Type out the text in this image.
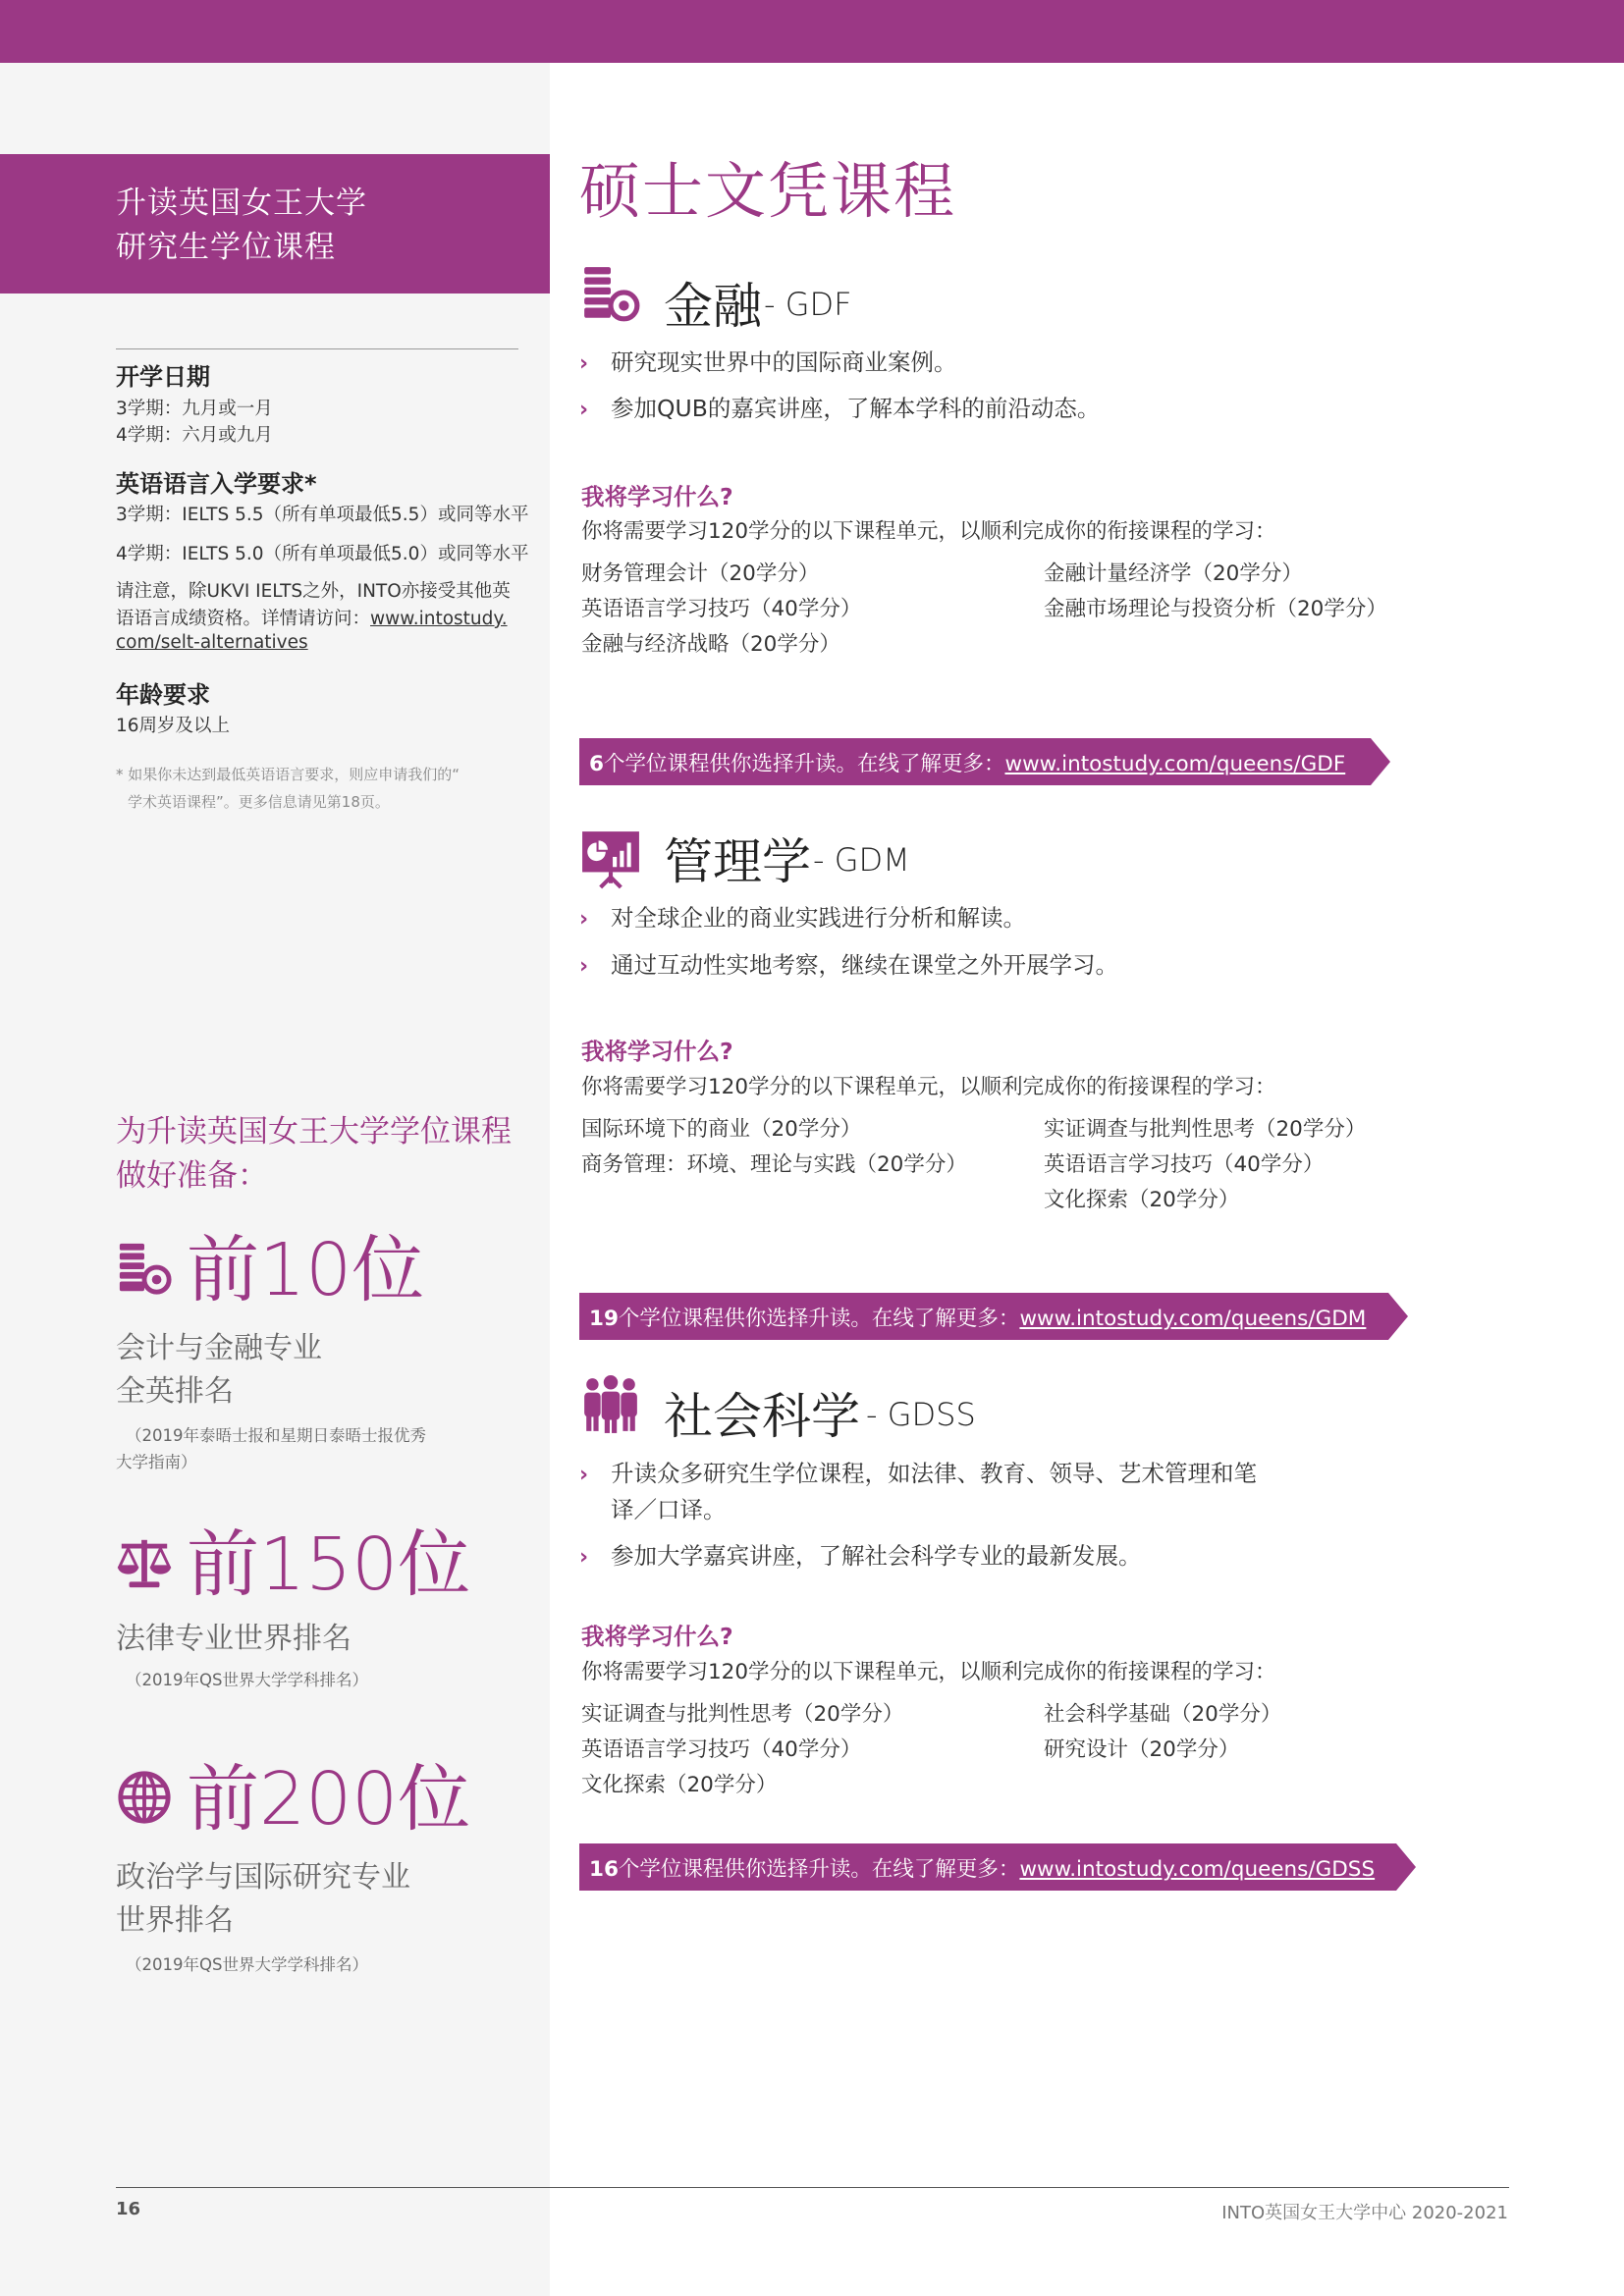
升读英国女王大学
研究生学位课程
开学日期
3学期：九月或一月
4学期：六月或九月
英语语言入学要求*
3学期：IELTS 5.5（所有单项最低5.5）或同等水平
4学期：IELTS 5.0（所有单项最低5.0）或同等水平
请注意，除UKVI IELTS之外，INTO亦接受其他英
语语言成绩资格。详情请访问：www.intostudy.
com/selt-alternatives
年龄要求
16周岁及以上
* 如果你未达到最低英语语言要求，则应申请我们的“
学术英语课程”。更多信息请见第18页。
为升读英国女王大学学位课程
做好准备：
前10位
会计与金融专业
全英排名
（2019年泰晤士报和星期日泰晤士报优秀
大学指南）
前150位
法律专业世界排名
（2019年QS世界大学学科排名）
前200位
政治学与国际研究专业
世界排名
（2019年QS世界大学学科排名）
硕士文凭课程
金融 - GDF
› 研究现实世界中的国际商业案例。
› 参加QUB的嘉宾讲座，了解本学科的前沿动态。
我将学习什么?
你将需要学习120学分的以下课程单元，以顺利完成你的衔接课程的学习：
财务管理会计（20学分）
英语语言学习技巧（40学分）
金融与经济战略（20学分）
金融计量经济学（20学分）
金融市场理论与投资分析（20学分）
6个学位课程供你选择升读。在线了解更多：www.intostudy.com/queens/GDF
管理学 - GDM
› 对全球企业的商业实践进行分析和解读。
› 通过互动性实地考察，继续在课堂之外开展学习。
我将学习什么?
你将需要学习120学分的以下课程单元，以顺利完成你的衔接课程的学习：
国际环境下的商业（20学分）
商务管理：环境、理论与实践（20学分）
实证调查与批判性思考（20学分）
英语语言学习技巧（40学分）
文化探索（20学分）
19个学位课程供你选择升读。在线了解更多：www.intostudy.com/queens/GDM
社会科学 - GDSS
› 升读众多研究生学位课程，如法律、教育、领导、艺术管理和笔
译／口译。
› 参加大学嘉宾讲座，了解社会科学专业的最新发展。
我将学习什么?
你将需要学习120学分的以下课程单元，以顺利完成你的衔接课程的学习：
实证调查与批判性思考（20学分）
英语语言学习技巧（40学分）
文化探索（20学分）
社会科学基础（20学分）
研究设计（20学分）
16个学位课程供你选择升读。在线了解更多：www.intostudy.com/queens/GDSS
16	INTO英国女王大学中心 2020-2021
